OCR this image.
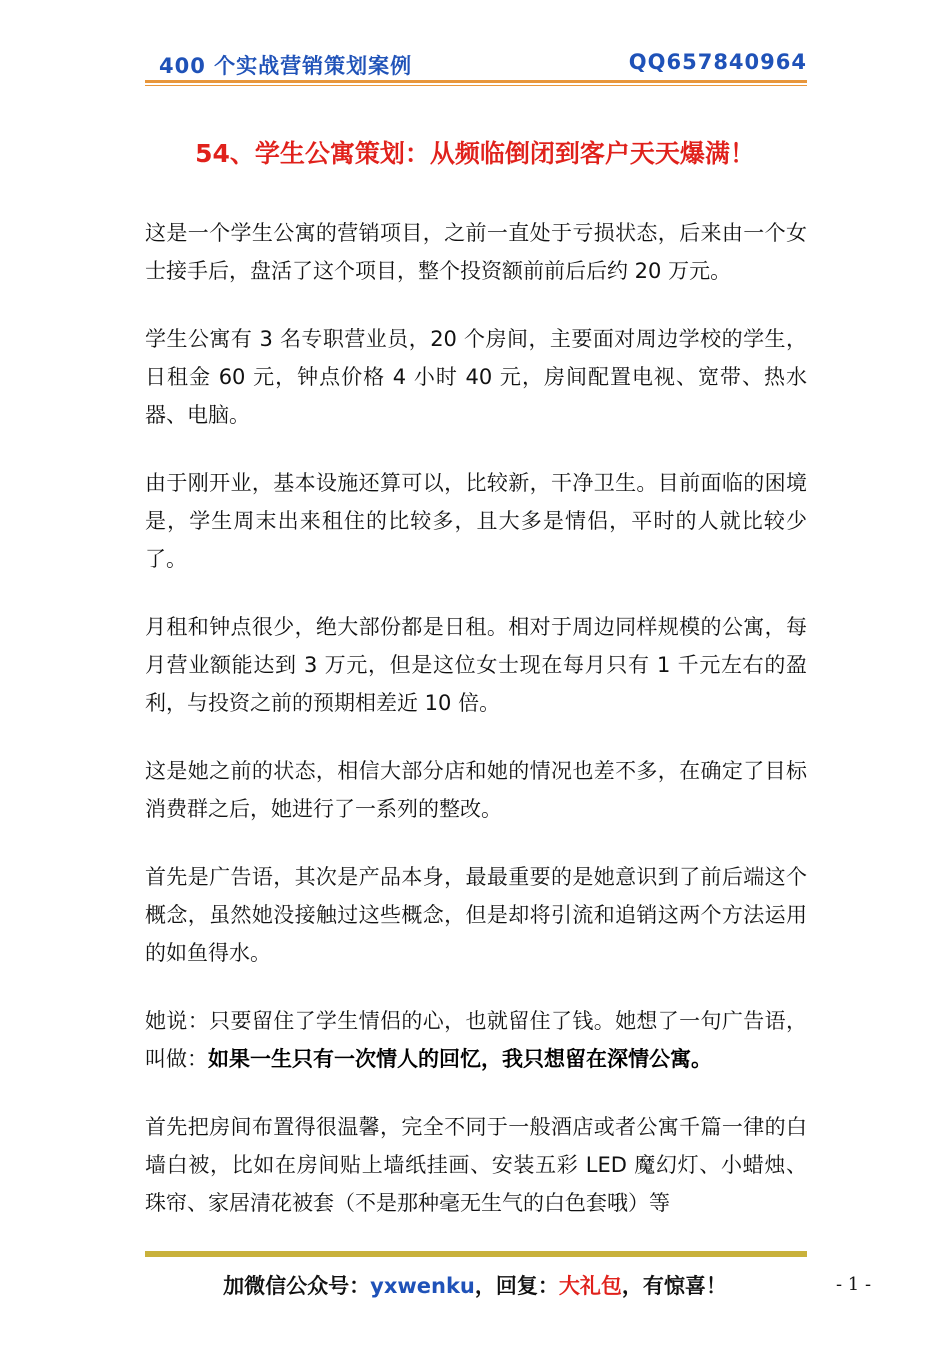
400 个实战营销策划案例	QQ657840964
54、学生公寓策划：从频临倒闭到客户天天爆满！

这是一个学生公寓的营销项目，之前一直处于亏损状态，后来由一个女士接手后，盘活了这个项目，整个投资额前前后后约 20 万元。

学生公寓有 3 名专职营业员，20 个房间，主要面对周边学校的学生，日租金 60 元，钟点价格 4 小时 40 元，房间配置电视、宽带、热水器、电脑。

由于刚开业，基本设施还算可以，比较新，干净卫生。目前面临的困境是，学生周末出来租住的比较多，且大多是情侣，平时的人就比较少了。

月租和钟点很少，绝大部份都是日租。相对于周边同样规模的公寓，每月营业额能达到 3 万元，但是这位女士现在每月只有 1 千元左右的盈利，与投资之前的预期相差近 10 倍。

这是她之前的状态，相信大部分店和她的情况也差不多，在确定了目标消费群之后，她进行了一系列的整改。

首先是广告语，其次是产品本身，最最重要的是她意识到了前后端这个概念，虽然她没接触过这些概念，但是却将引流和追销这两个方法运用的如鱼得水。

她说：只要留住了学生情侣的心，也就留住了钱。她想了一句广告语，叫做：如果一生只有一次情人的回忆，我只想留在深情公寓。

首先把房间布置得很温馨，完全不同于一般酒店或者公寓千篇一律的白墙白被，比如在房间贴上墙纸挂画、安装五彩 LED 魔幻灯、小蜡烛、珠帘、家居清花被套（不是那种毫无生气的白色套哦）等

加微信公众号：yxwenku，回复：大礼包，有惊喜！	- 1 -
